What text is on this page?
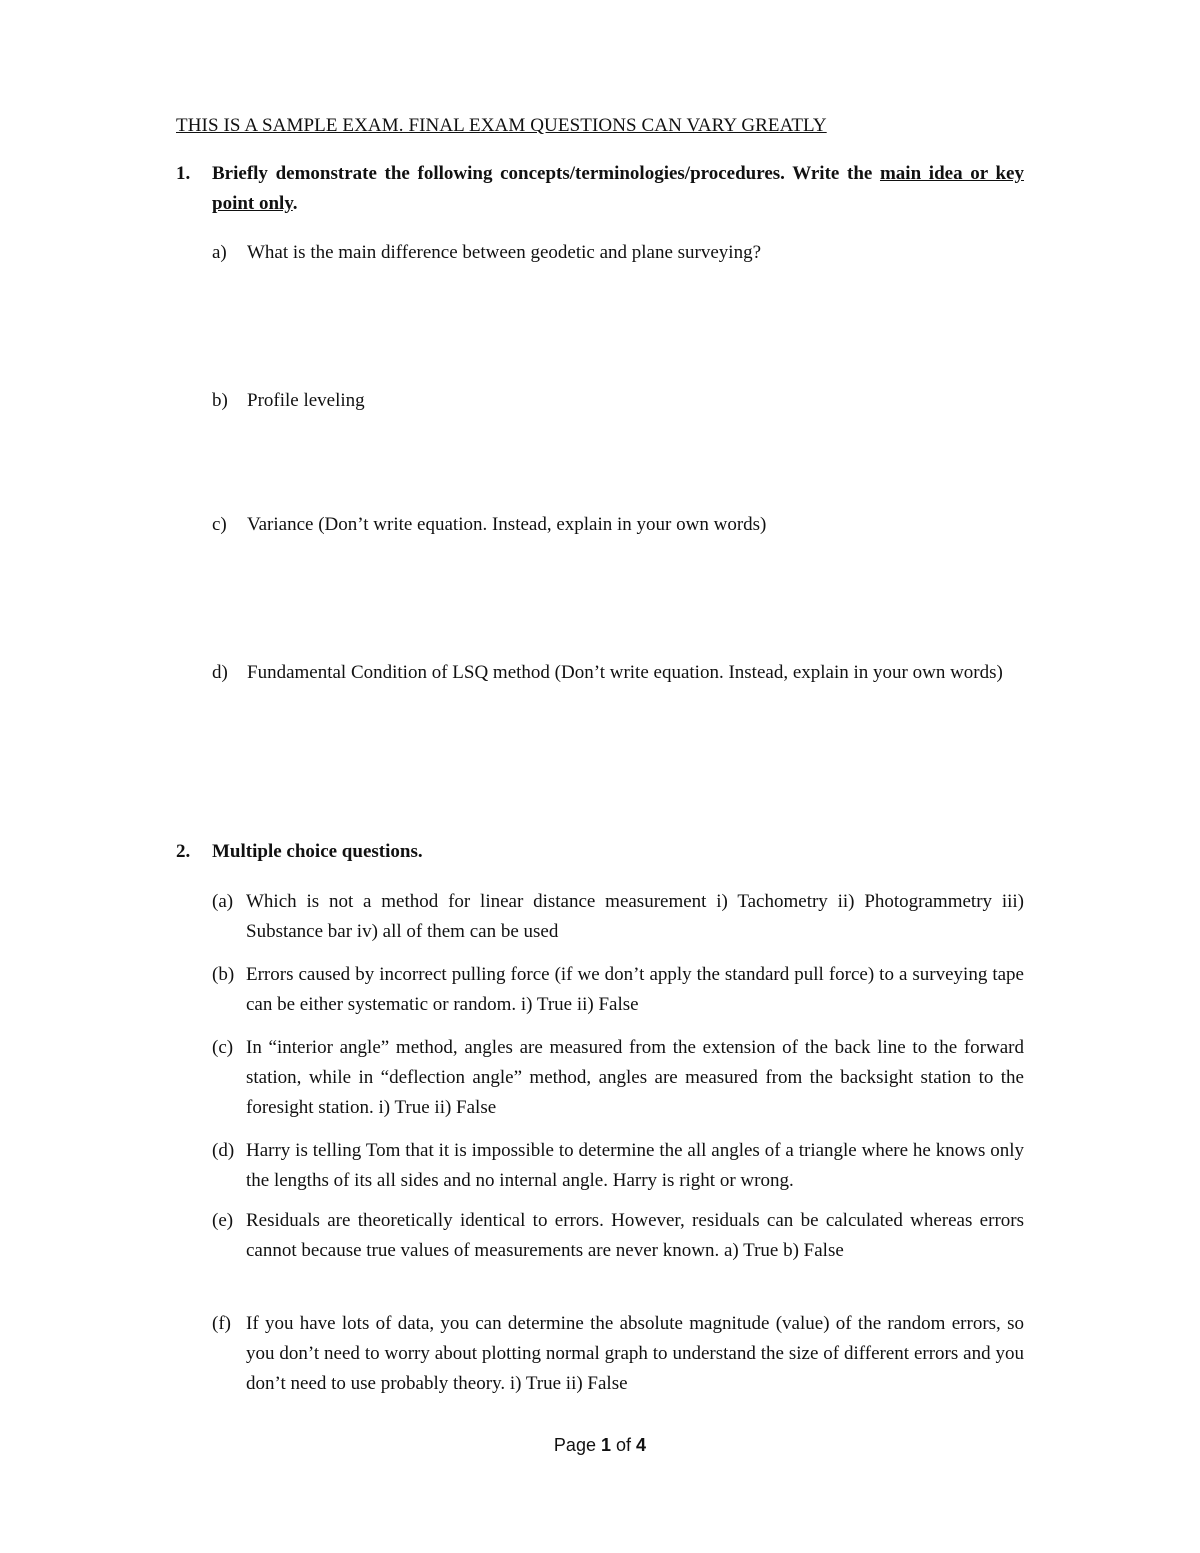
THIS IS A SAMPLE EXAM. FINAL EXAM QUESTIONS CAN VARY GREATLY
1. Briefly demonstrate the following concepts/terminologies/procedures. Write the main idea or key point only.
a)	What is the main difference between geodetic and plane surveying?
b)	Profile leveling
c)	Variance (Don’t write equation. Instead, explain in your own words)
d)	Fundamental Condition of LSQ method (Don’t write equation. Instead, explain in your own words)
2. Multiple choice questions.
(a) Which is not a method for linear distance measurement i) Tachometry ii) Photogrammetry iii) Substance bar iv) all of them can be used
(b) Errors caused by incorrect pulling force (if we don’t apply the standard pull force) to a surveying tape can be either systematic or random. i) True ii) False
(c) In “interior angle” method, angles are measured from the extension of the back line to the forward station, while in “deflection angle” method, angles are measured from the backsight station to the foresight station. i) True ii) False
(d) Harry is telling Tom that it is impossible to determine the all angles of a triangle where he knows only the lengths of its all sides and no internal angle. Harry is right or wrong.
(e) Residuals are theoretically identical to errors. However, residuals can be calculated whereas errors cannot because true values of measurements are never known. a) True b) False
(f) If you have lots of data, you can determine the absolute magnitude (value) of the random errors, so you don’t need to worry about plotting normal graph to understand the size of different errors and you don’t need to use probably theory. i) True ii) False
Page 1 of 4
